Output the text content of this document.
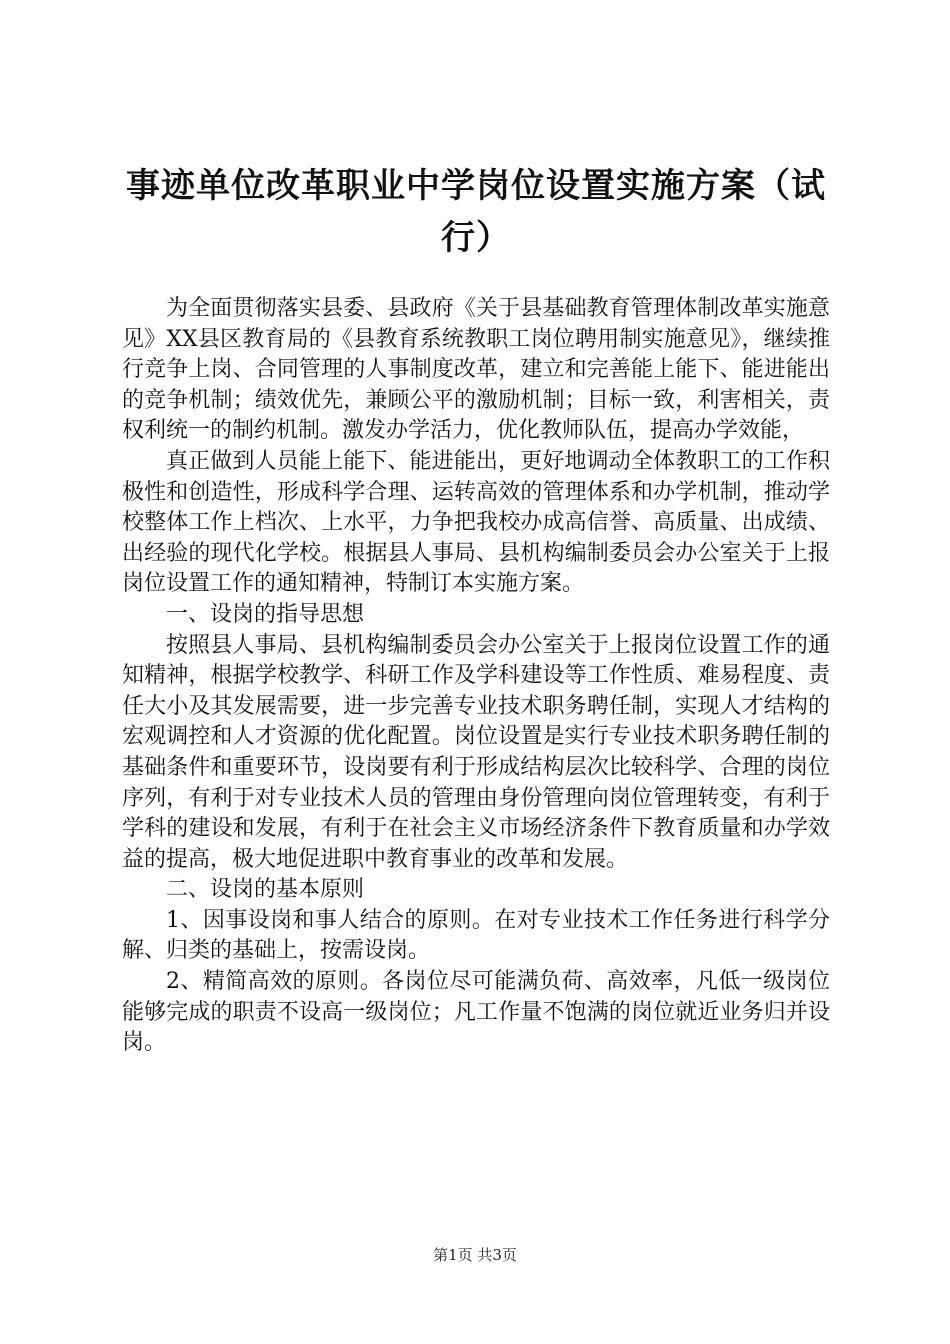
事迹单位改革职业中学岗位设置实施方案（试行）

为全面贯彻落实县委、县政府《关于县基础教育管理体制改革实施意见》XX县区教育局的《县教育系统教职工岗位聘用制实施意见》，继续推行竞争上岗、合同管理的人事制度改革，建立和完善能上能下、能进能出的竞争机制；绩效优先，兼顾公平的激励机制；目标一致，利害相关，责权利统一的制约机制。激发办学活力，优化教师队伍，提高办学效能，

真正做到人员能上能下、能进能出，更好地调动全体教职工的工作积极性和创造性，形成科学合理、运转高效的管理体系和办学机制，推动学校整体工作上档次、上水平，力争把我校办成高信誉、高质量、出成绩、出经验的现代化学校。根据县人事局、县机构编制委员会办公室关于上报岗位设置工作的通知精神，特制订本实施方案。

一、设岗的指导思想

按照县人事局、县机构编制委员会办公室关于上报岗位设置工作的通知精神，根据学校教学、科研工作及学科建设等工作性质、难易程度、责任大小及其发展需要，进一步完善专业技术职务聘任制，实现人才结构的宏观调控和人才资源的优化配置。岗位设置是实行专业技术职务聘任制的基础条件和重要环节，设岗要有利于形成结构层次比较科学、合理的岗位序列，有利于对专业技术人员的管理由身份管理向岗位管理转变，有利于学科的建设和发展，有利于在社会主义市场经济条件下教育质量和办学效益的提高，极大地促进职中教育事业的改革和发展。

二、设岗的基本原则

1、因事设岗和事人结合的原则。在对专业技术工作任务进行科学分解、归类的基础上，按需设岗。

2、精简高效的原则。各岗位尽可能满负荷、高效率，凡低一级岗位能够完成的职责不设高一级岗位；凡工作量不饱满的岗位就近业务归并设岗。

第1页 共3页
